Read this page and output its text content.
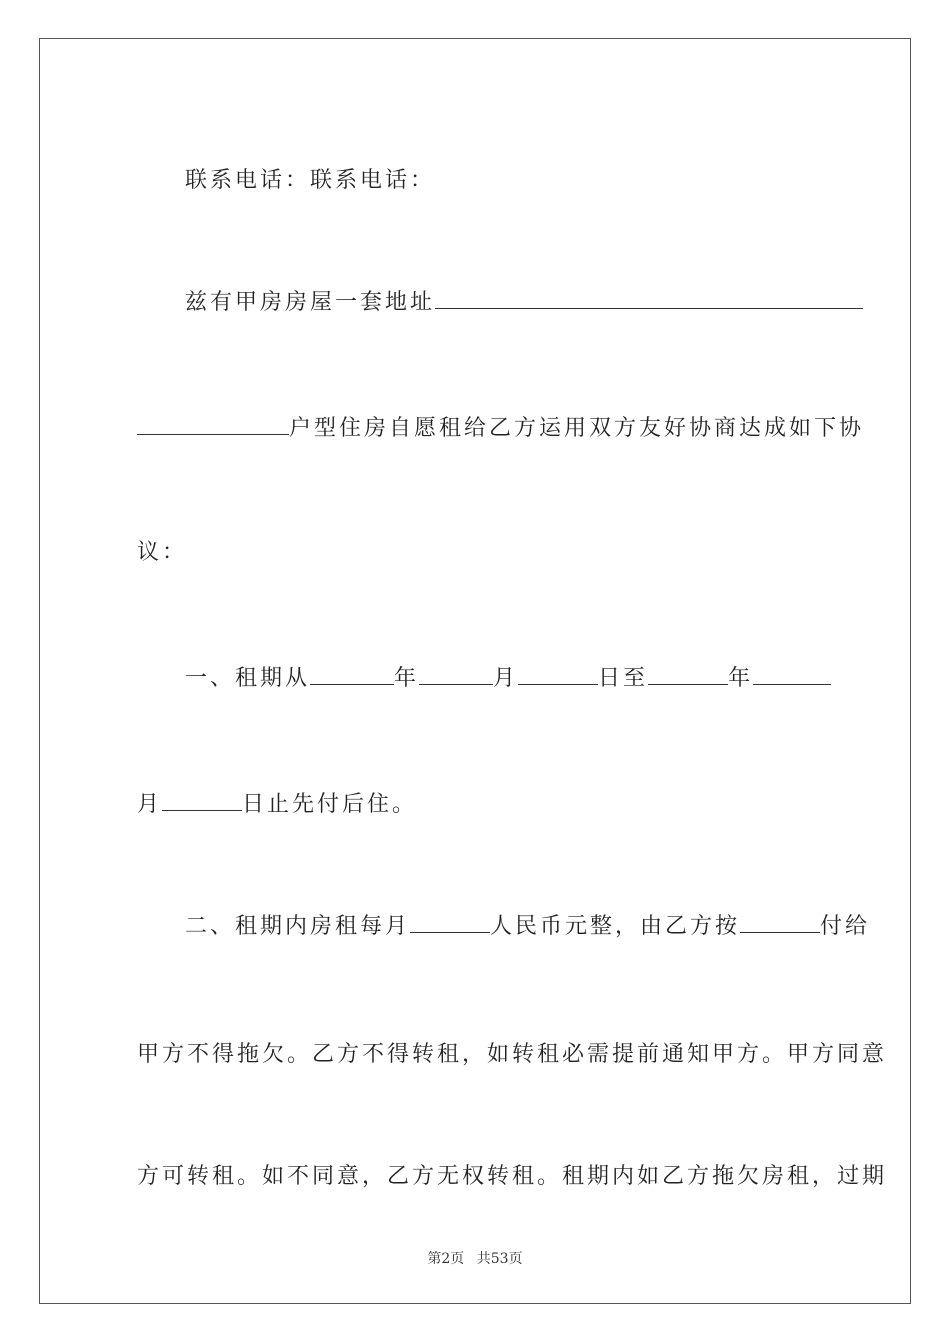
联系电话：联系电话：

兹有甲房房屋一套地址

户型住房自愿租给乙方运用双方友好协商达成如下协

议：

一、租期从	年	月	日至	年

月	日止先付后住。

二、租期内房租每月	人民币元整，由乙方按	付给

甲方不得拖欠。乙方不得转租，如转租必需提前通知甲方。甲方同意

方可转租。如不同意，乙方无权转租。租期内如乙方拖欠房租，过期

第2页 共53页
